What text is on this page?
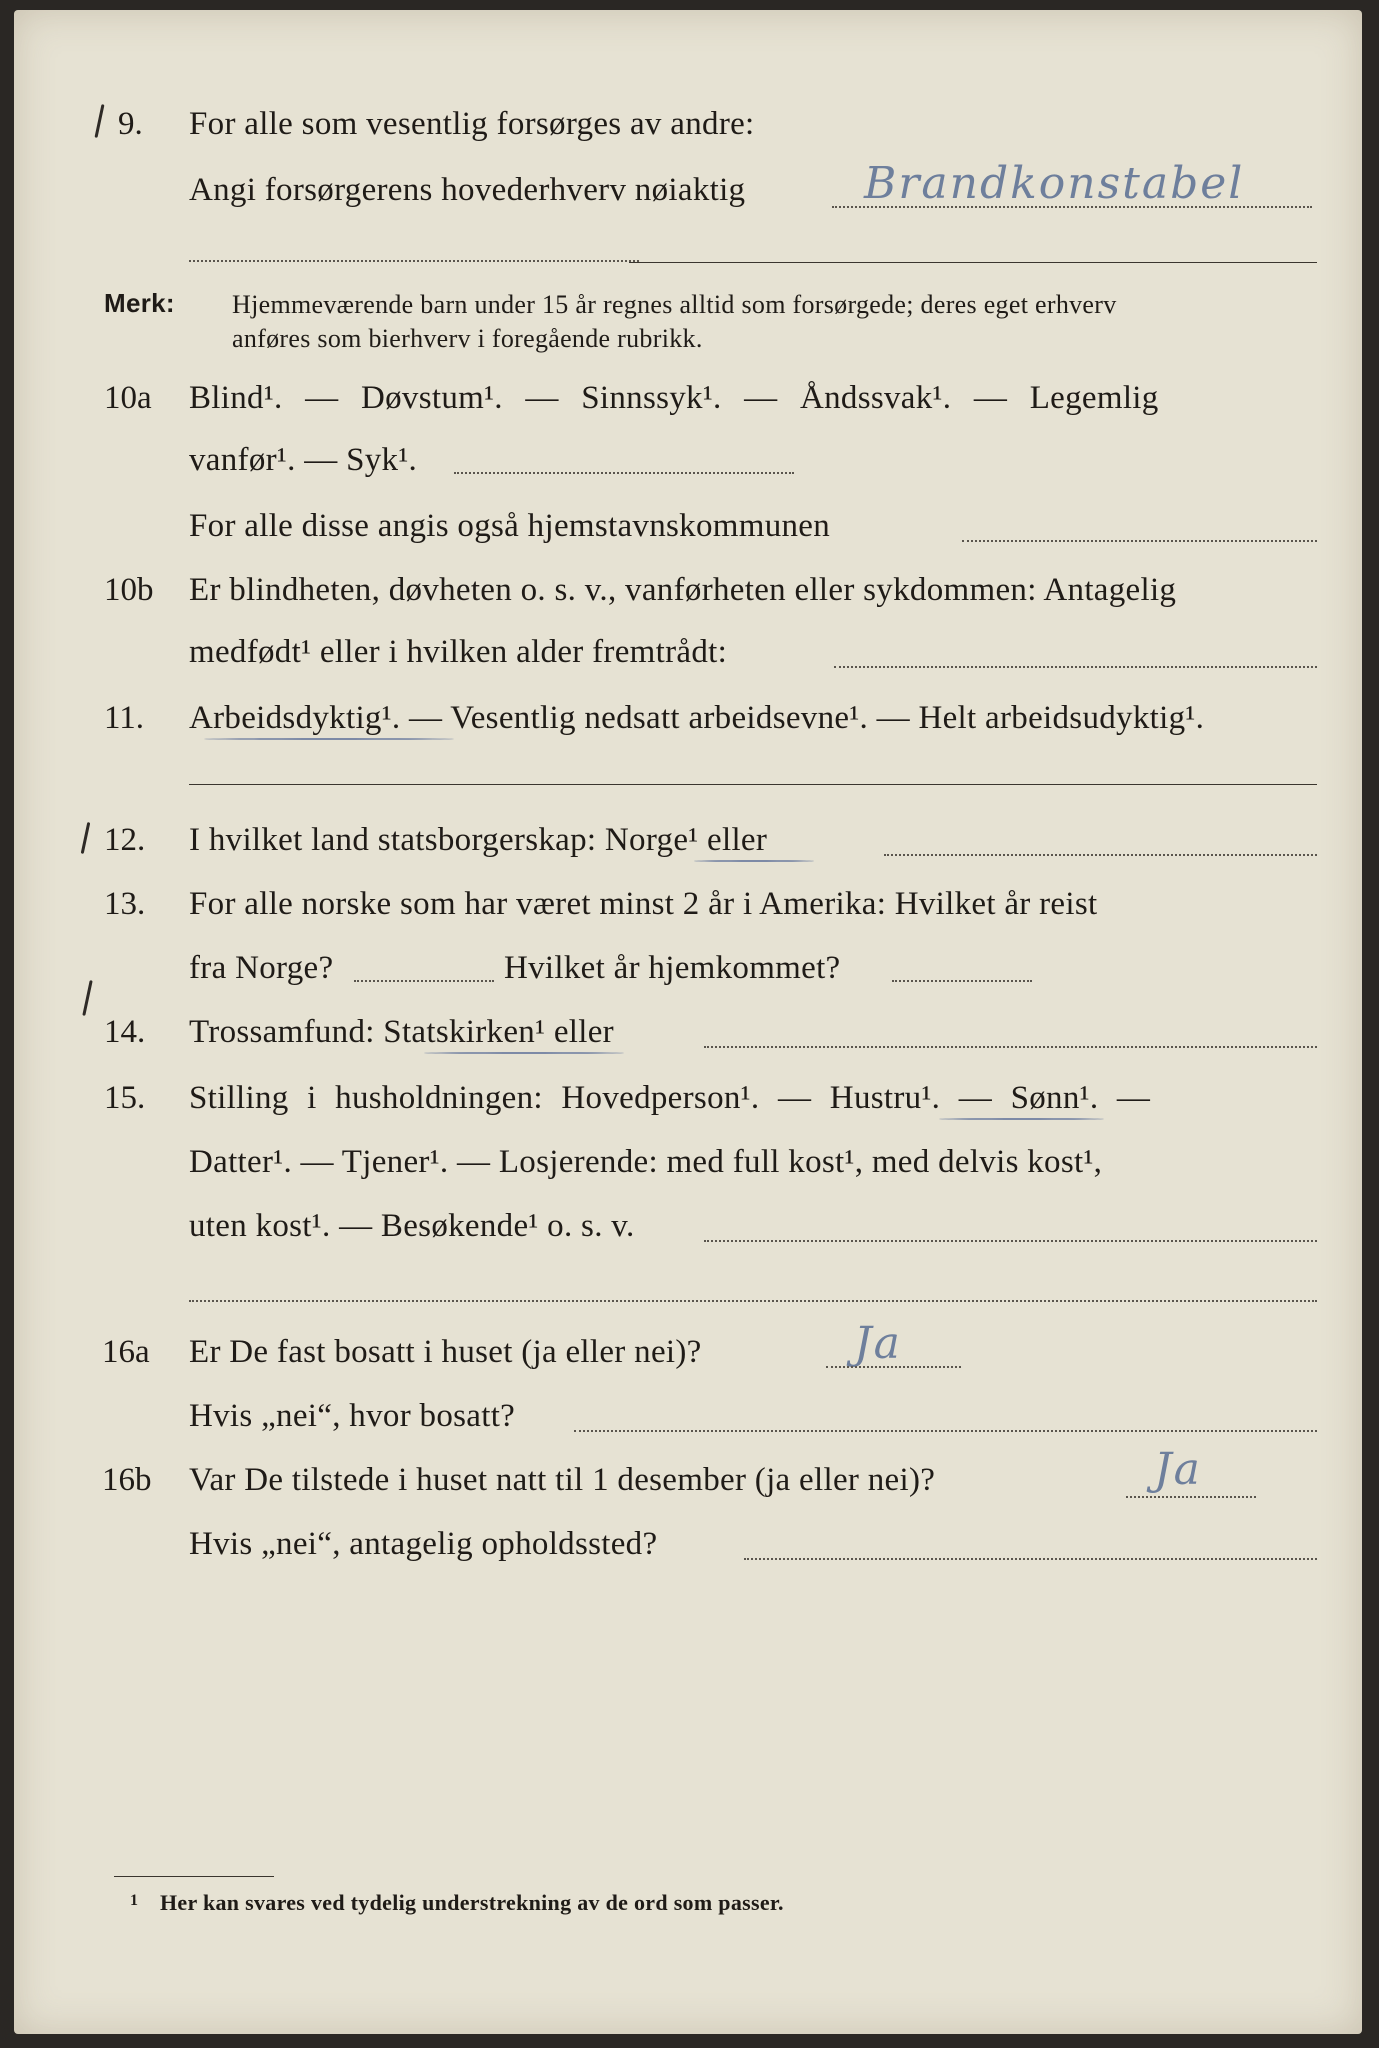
9. For alle som vesentlig forsørges av andre:
Angi forsørgerens hovederhverv nøiaktig	Brandkonstabel
Merk: Hjemmeværende barn under 15 år regnes alltid som forsørgede; deres eget erhverv
anføres som bierhverv i foregående rubrikk.
10a Blind¹. — Døvstum¹. — Sinnssyk¹. — Åndssvak¹. — Legemlig
vanfør¹. — Syk¹.
For alle disse angis også hjemstavnskommunen
10b Er blindheten, døvheten o. s. v., vanførheten eller sykdommen: Antagelig
medfødt¹ eller i hvilken alder fremtrådt:
11. Arbeidsdyktig¹. — Vesentlig nedsatt arbeidsevne¹. — Helt arbeidsudyktig¹.
12. I hvilket land statsborgerskap: Norge¹ eller
13. For alle norske som har været minst 2 år i Amerika: Hvilket år reist
fra Norge?	Hvilket år hjemkommet?
14. Trossamfund: Statskirken¹ eller
15. Stilling i husholdningen: Hovedperson¹. — Hustru¹. — Sønn¹. —
Datter¹. — Tjener¹. — Losjerende: med full kost¹, med delvis kost¹,
uten kost¹. — Besøkende¹ o. s. v.
16a Er De fast bosatt i huset (ja eller nei)?	Ja
Hvis „nei“, hvor bosatt?
16b Var De tilstede i huset natt til 1 desember (ja eller nei)?	Ja
Hvis „nei“, antagelig opholdssted?
1 Her kan svares ved tydelig understrekning av de ord som passer.
